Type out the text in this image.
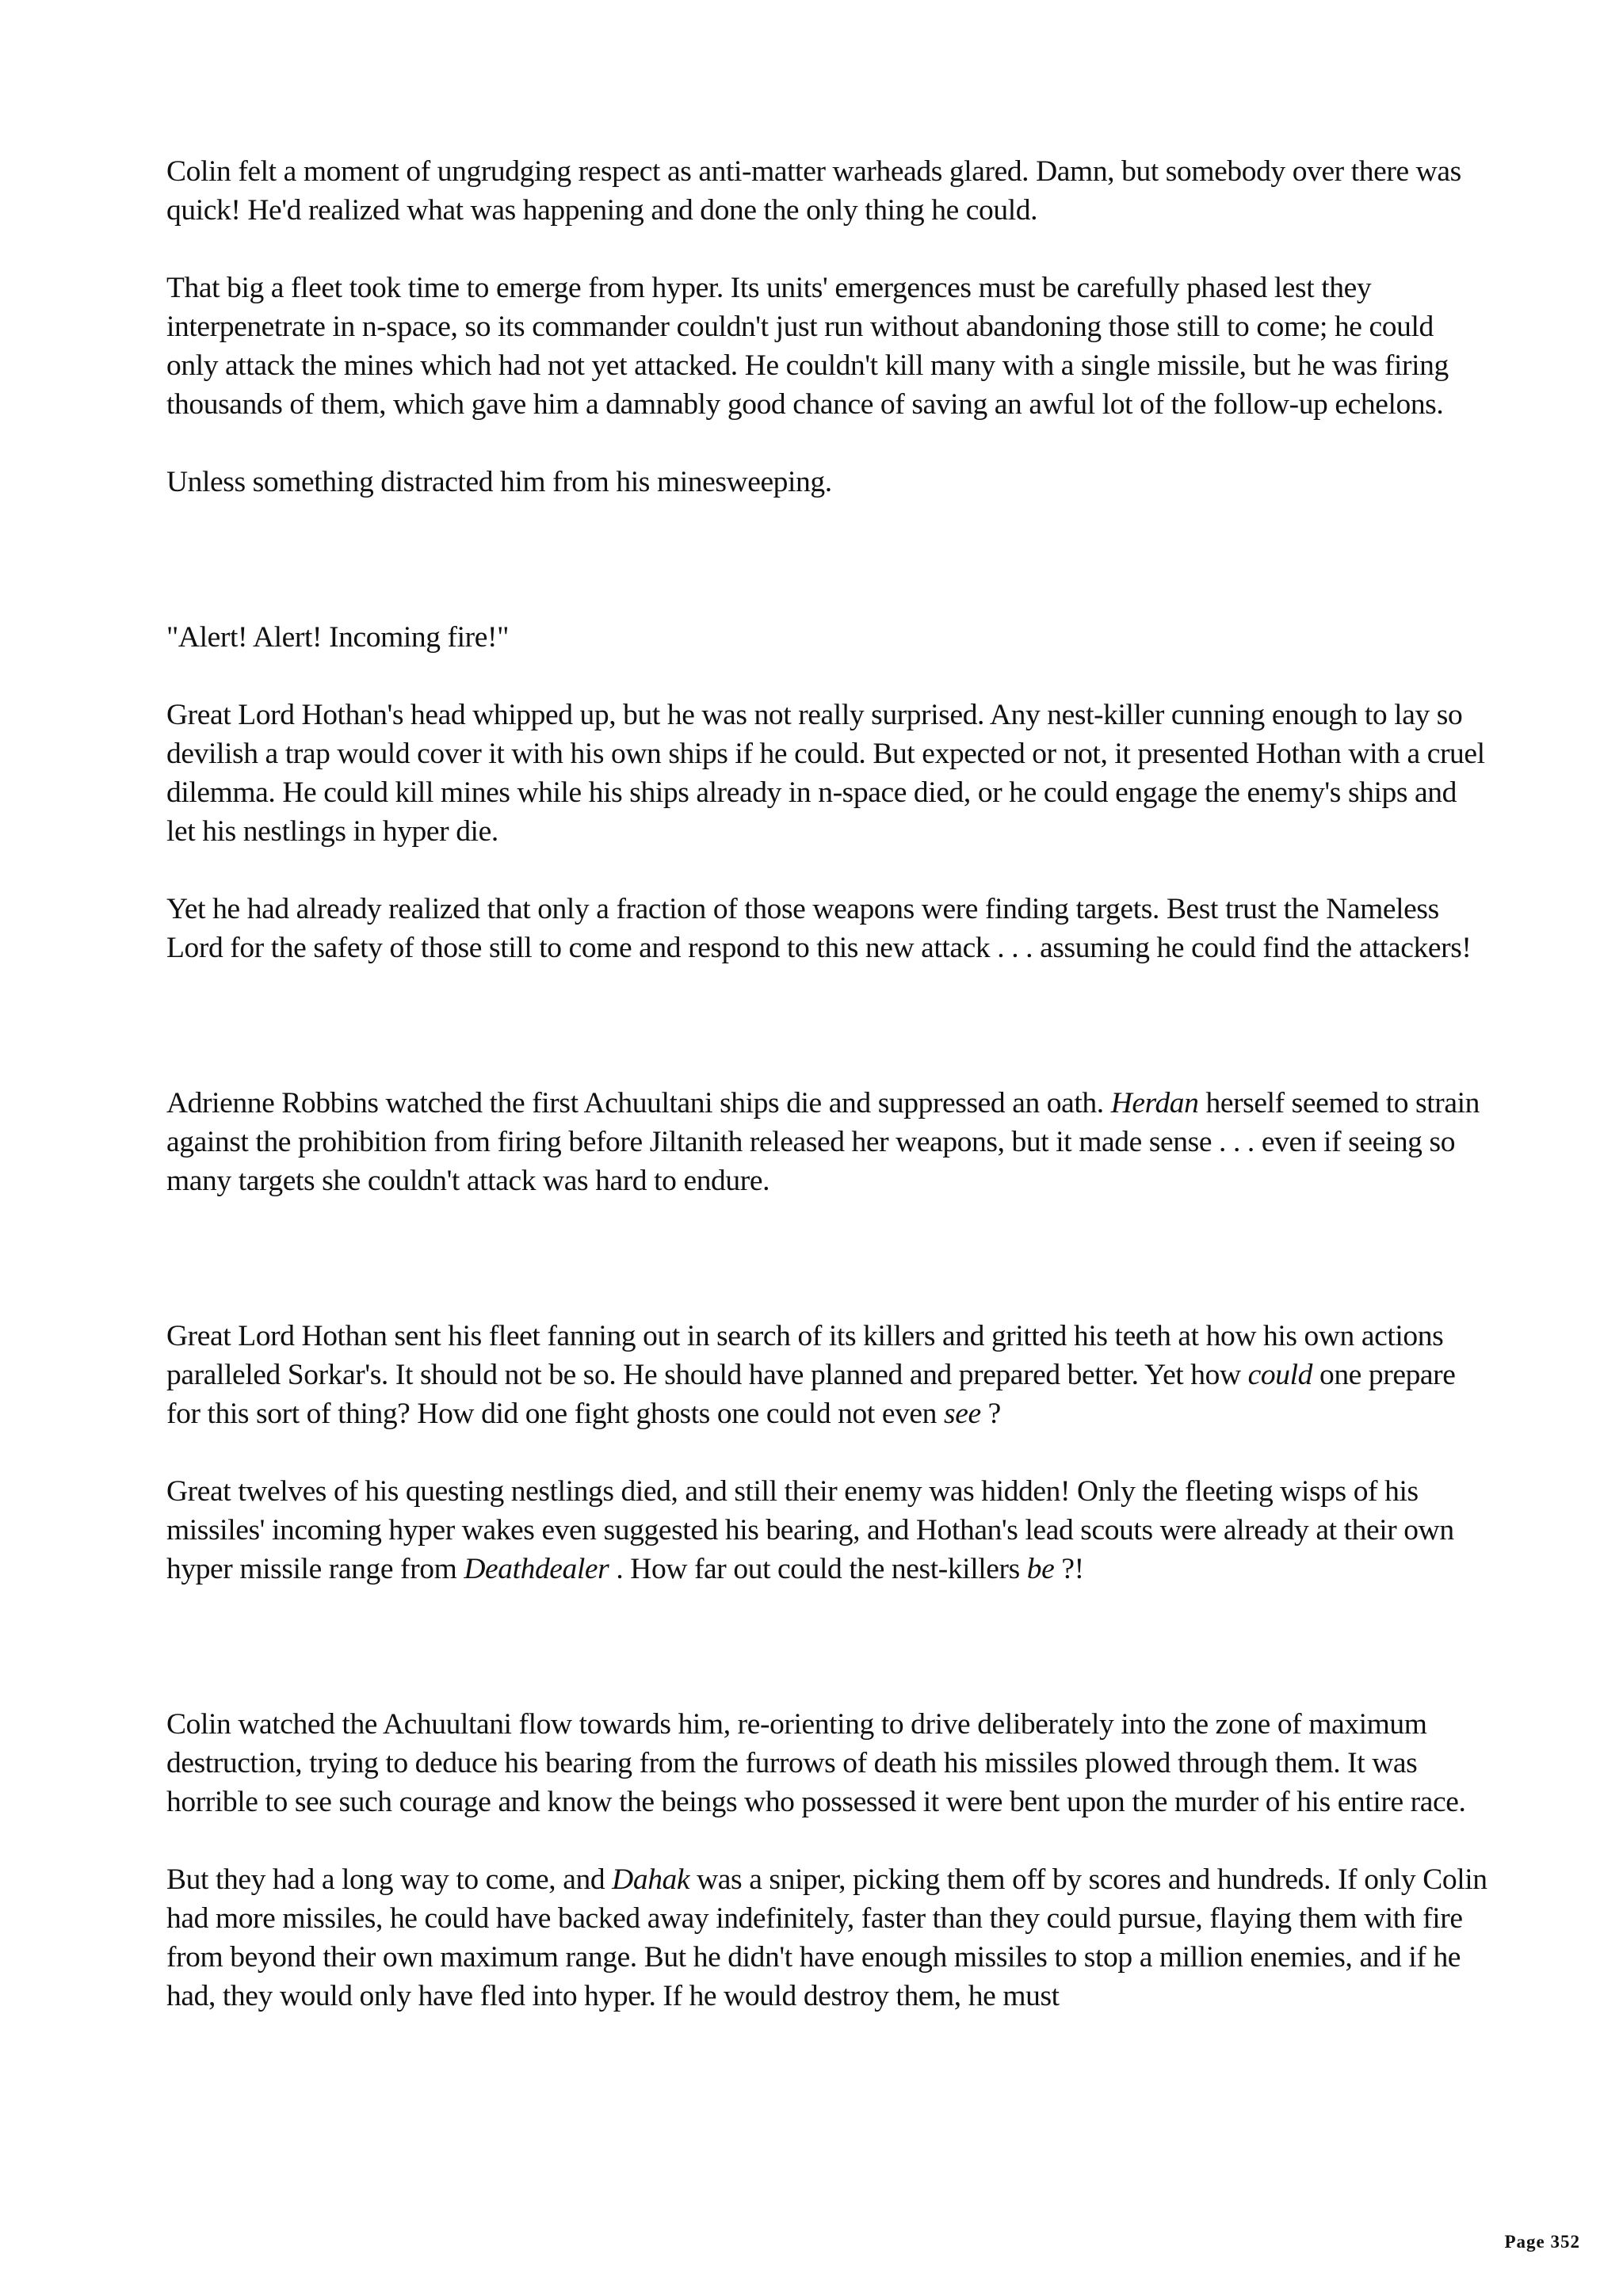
Colin felt a moment of ungrudging respect as anti-matter warheads glared. Damn, but somebody over there was quick! He'd realized what was happening and done the only thing he could.

That big a fleet took time to emerge from hyper. Its units' emergences must be carefully phased lest they interpenetrate in n-space, so its commander couldn't just run without abandoning those still to come; he could only attack the mines which had not yet attacked. He couldn't kill many with a single missile, but he was firing thousands of them, which gave him a damnably good chance of saving an awful lot of the follow-up echelons.

Unless something distracted him from his minesweeping.

"Alert! Alert! Incoming fire!"

Great Lord Hothan's head whipped up, but he was not really surprised. Any nest-killer cunning enough to lay so devilish a trap would cover it with his own ships if he could. But expected or not, it presented Hothan with a cruel dilemma. He could kill mines while his ships already in n-space died, or he could engage the enemy's ships and let his nestlings in hyper die.

Yet he had already realized that only a fraction of those weapons were finding targets. Best trust the Nameless Lord for the safety of those still to come and respond to this new attack . . . assuming he could find the attackers!

Adrienne Robbins watched the first Achuultani ships die and suppressed an oath. Herdan herself seemed to strain against the prohibition from firing before Jiltanith released her weapons, but it made sense . . . even if seeing so many targets she couldn't attack was hard to endure.

Great Lord Hothan sent his fleet fanning out in search of its killers and gritted his teeth at how his own actions paralleled Sorkar's. It should not be so. He should have planned and prepared better. Yet how could one prepare for this sort of thing? How did one fight ghosts one could not even see ?

Great twelves of his questing nestlings died, and still their enemy was hidden! Only the fleeting wisps of his missiles' incoming hyper wakes even suggested his bearing, and Hothan's lead scouts were already at their own hyper missile range from Deathdealer . How far out could the nest-killers be ?!

Colin watched the Achuultani flow towards him, re-orienting to drive deliberately into the zone of maximum destruction, trying to deduce his bearing from the furrows of death his missiles plowed through them. It was horrible to see such courage and know the beings who possessed it were bent upon the murder of his entire race.

But they had a long way to come, and Dahak was a sniper, picking them off by scores and hundreds. If only Colin had more missiles, he could have backed away indefinitely, faster than they could pursue, flaying them with fire from beyond their own maximum range. But he didn't have enough missiles to stop a million enemies, and if he had, they would only have fled into hyper. If he would destroy them, he must

Page 352
